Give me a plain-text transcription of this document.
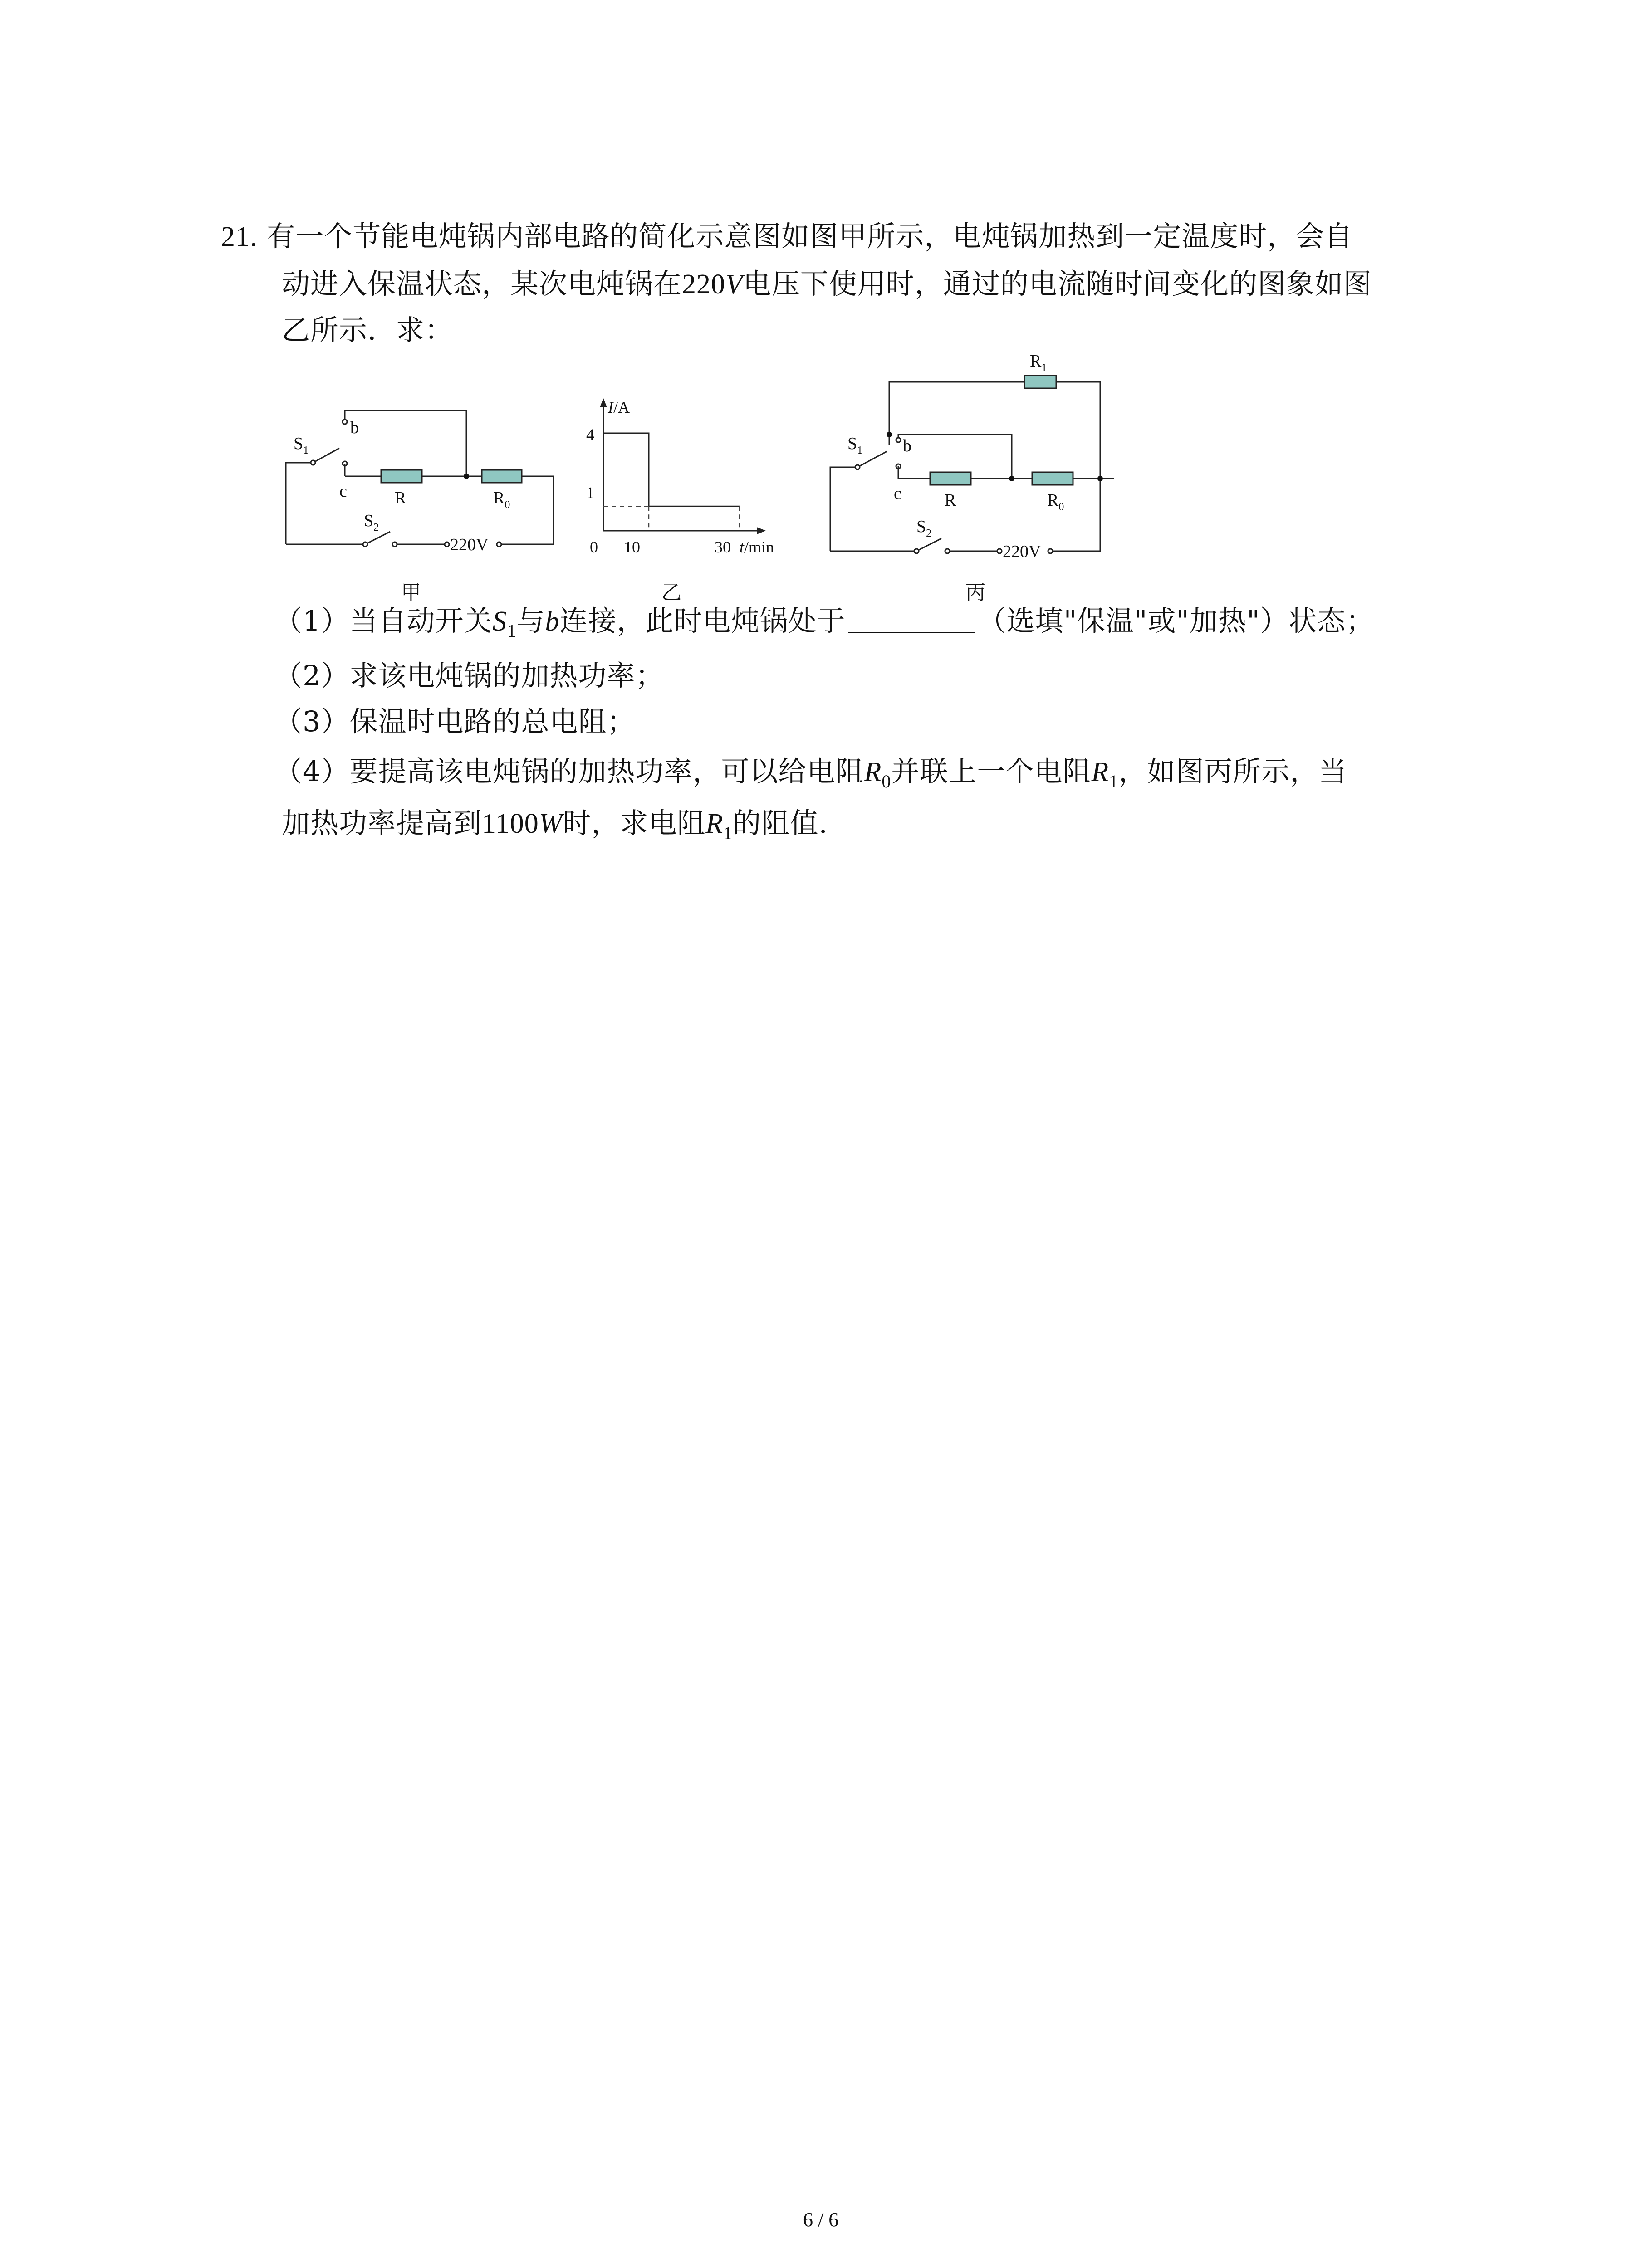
21. 有一个节能电炖锅内部电路的简化示意图如图甲所示，电炖锅加热到一定温度时，会自
动进入保温状态，某次电炖锅在220V电压下使用时，通过的电流随时间变化的图象如图
乙所示．求：
$S_1$
b
c	R	$R_0$
$S_2$
220V
甲
I/A
0
4
1
10	30 t/min
乙
$R_1$
$S_1$ b
c	R	$R_0$
$S_2$
220V
丙
（1）当自动开关$S_1$与b连接，此时电炖锅处于	（选填"保温"或"加热"）状态；
（2）求该电炖锅的加热功率；
（3）保温时电路的总电阻；
（4）要提高该电炖锅的加热功率，可以给电阻$R_0$并联上一个电阻$R_1$，如图丙所示，当
加热功率提高到1100W时，求电阻$R_1$的阻值.
6 / 6
